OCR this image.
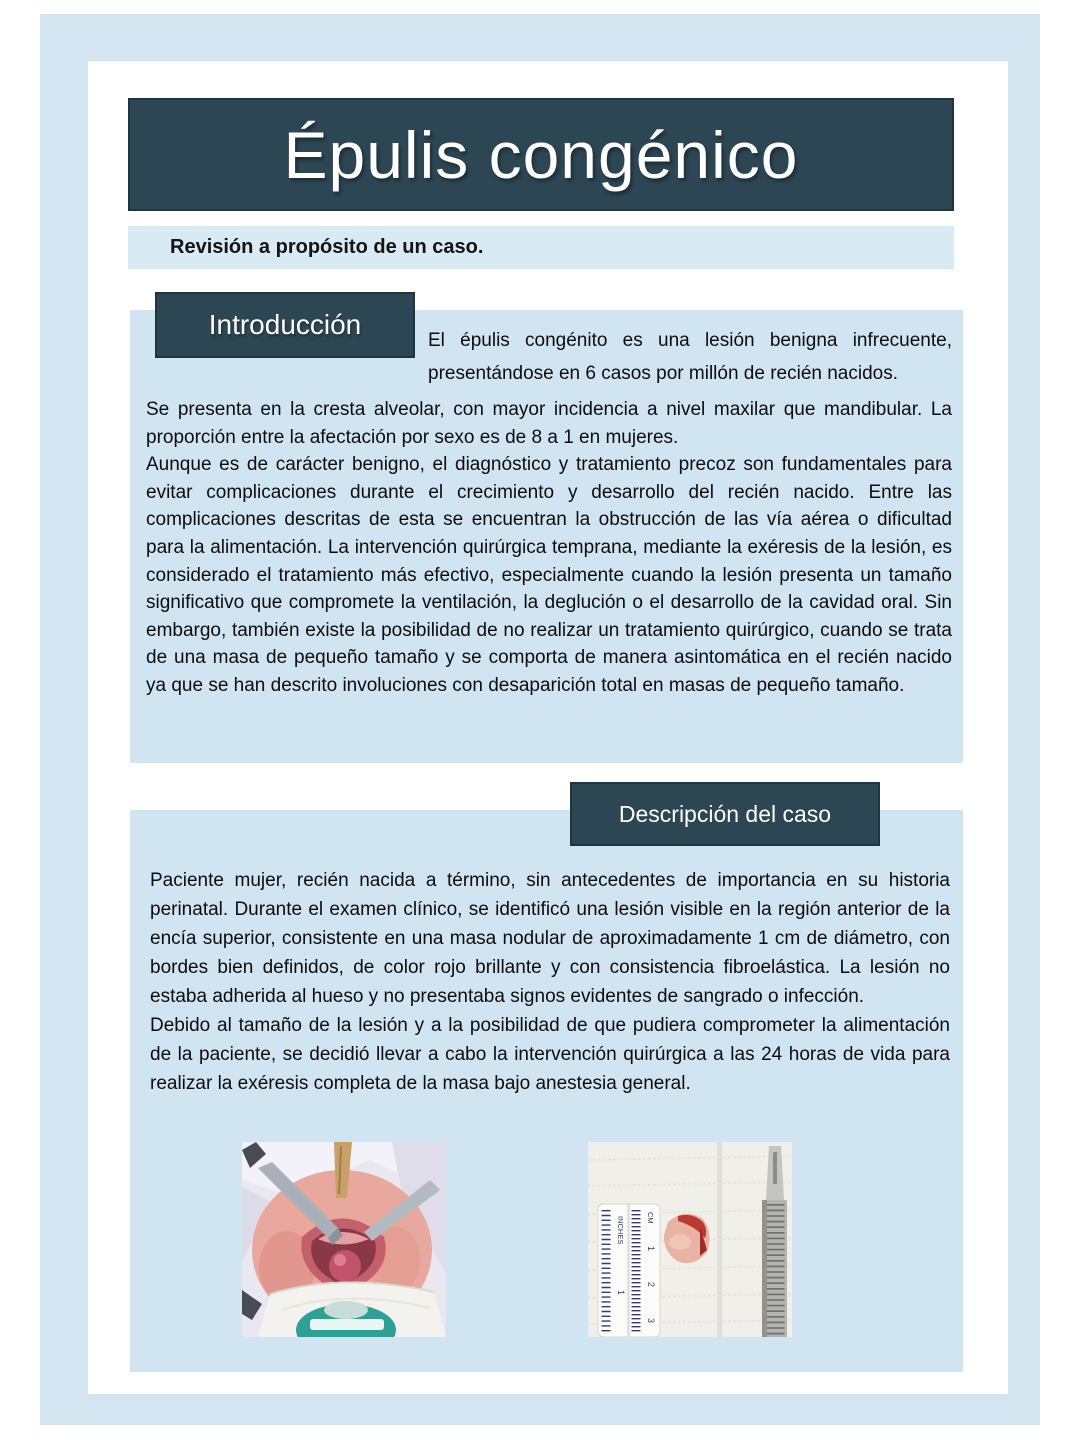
Épulis congénico
Revisión a propósito de un caso.
Introducción

El épulis congénito es una lesión benigna infrecuente, presentándose en 6 casos por millón de recién nacidos.

Se presenta en la cresta alveolar, con mayor incidencia a nivel maxilar que mandibular. La proporción entre la afectación por sexo es de 8 a 1 en mujeres.

Aunque es de carácter benigno, el diagnóstico y tratamiento precoz son fundamentales para evitar complicaciones durante el crecimiento y desarrollo del recién nacido. Entre las complicaciones descritas de esta se encuentran la obstrucción de las vía aérea o dificultad para la alimentación. La intervención quirúrgica temprana, mediante la exéresis de la lesión, es considerado el tratamiento más efectivo, especialmente cuando la lesión presenta un tamaño significativo que compromete la ventilación, la deglución o el desarrollo de la cavidad oral. Sin embargo, también existe la posibilidad de no realizar un tratamiento quirúrgico, cuando se trata de una masa de pequeño tamaño y se comporta de manera asintomática en el recién nacido ya que se han descrito involuciones con desaparición total en masas de pequeño tamaño.

Descripción del caso

Paciente mujer, recién nacida a término, sin antecedentes de importancia en su historia perinatal. Durante el examen clínico, se identificó una lesión visible en la región anterior de la encía superior, consistente en una masa nodular de aproximadamente 1 cm de diámetro, con bordes bien definidos, de color rojo brillante y con consistencia fibroelástica. La lesión no estaba adherida al hueso y no presentaba signos evidentes de sangrado o infección.

Debido al tamaño de la lesión y a la posibilidad de que pudiera comprometer la alimentación de la paciente, se decidió llevar a cabo la intervención quirúrgica a las 24 horas de vida para realizar la exéresis completa de la masa bajo anestesia general.

INCHES	CM
1
1
2
3
